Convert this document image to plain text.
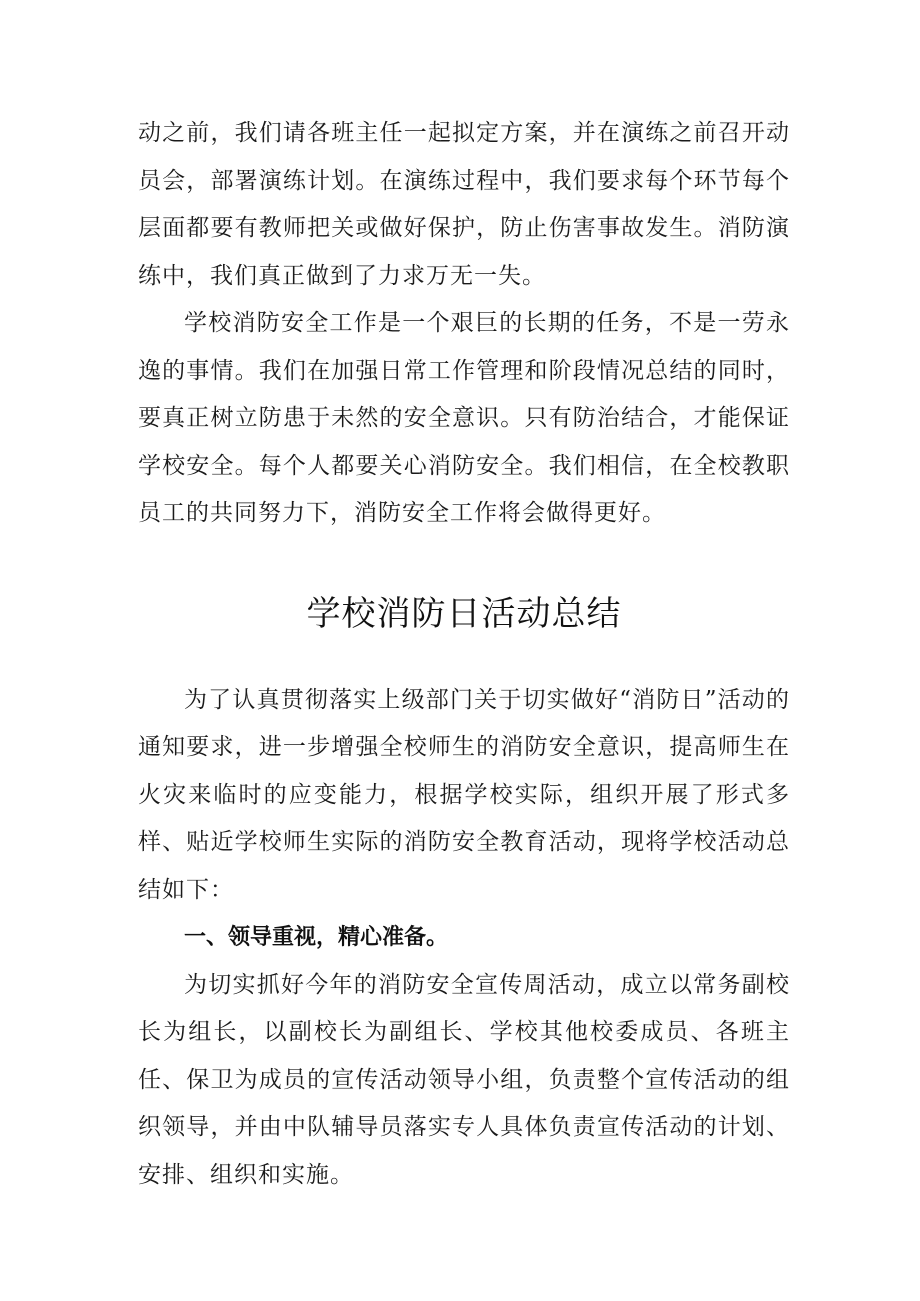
动之前，我们请各班主任一起拟定方案，并在演练之前召开动员会，部署演练计划。在演练过程中，我们要求每个环节每个层面都要有教师把关或做好保护，防止伤害事故发生。消防演练中，我们真正做到了力求万无一失。

学校消防安全工作是一个艰巨的长期的任务，不是一劳永逸的事情。我们在加强日常工作管理和阶段情况总结的同时，要真正树立防患于未然的安全意识。只有防治结合，才能保证学校安全。每个人都要关心消防安全。我们相信，在全校教职员工的共同努力下，消防安全工作将会做得更好。

学校消防日活动总结

为了认真贯彻落实上级部门关于切实做好“消防日”活动的通知要求，进一步增强全校师生的消防安全意识，提高师生在火灾来临时的应变能力，根据学校实际，组织开展了形式多样、贴近学校师生实际的消防安全教育活动，现将学校活动总结如下：

一、领导重视，精心准备。

为切实抓好今年的消防安全宣传周活动，成立以常务副校长为组长，以副校长为副组长、学校其他校委成员、各班主任、保卫为成员的宣传活动领导小组，负责整个宣传活动的组织领导，并由中队辅导员落实专人具体负责宣传活动的计划、安排、组织和实施。
